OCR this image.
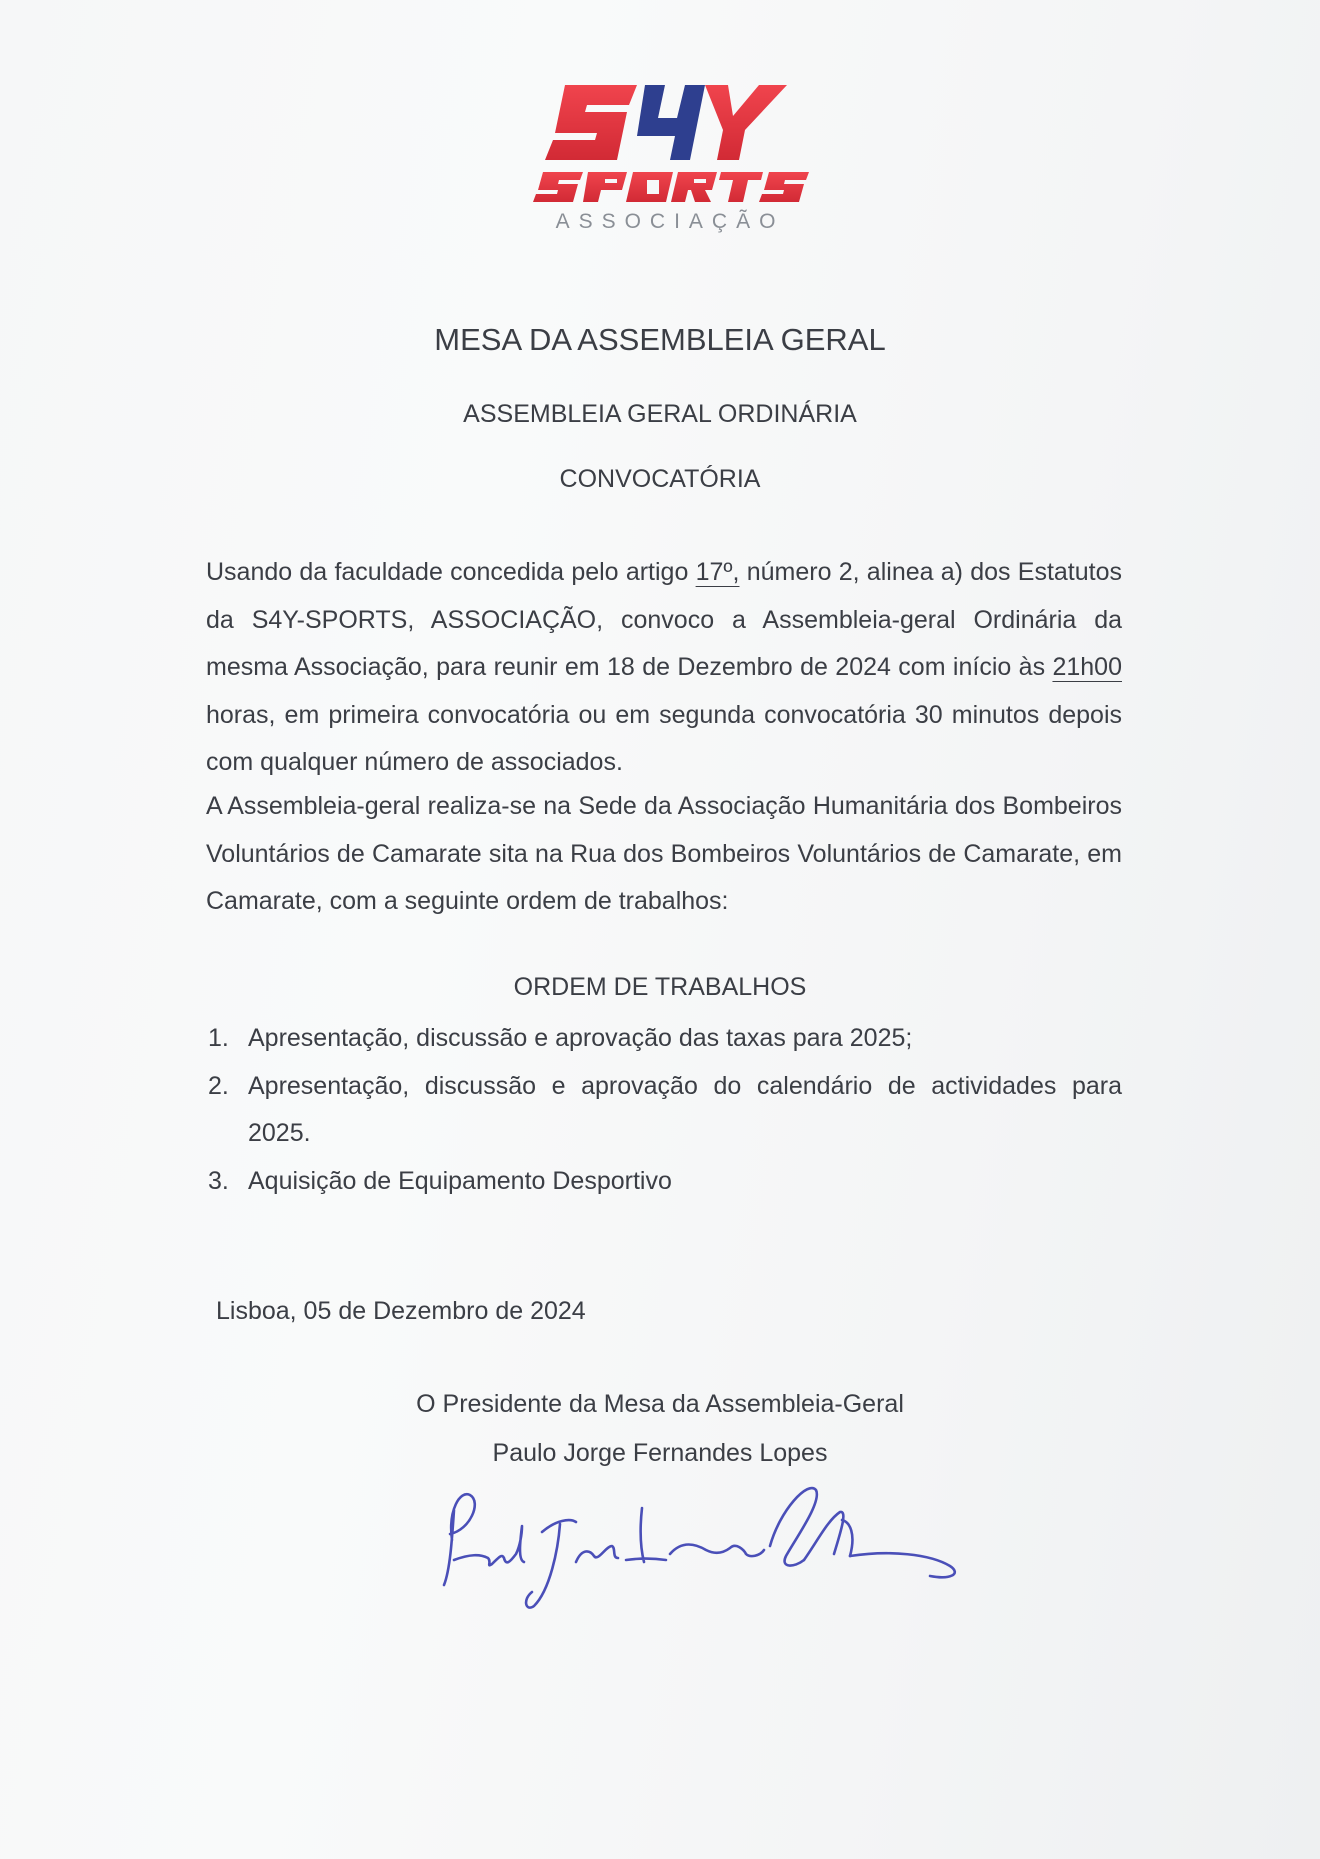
ASSOCIAÇÃO
MESA DA ASSEMBLEIA GERAL
ASSEMBLEIA GERAL ORDINÁRIA
CONVOCATÓRIA
Usando da faculdade concedida pelo artigo 17º, número 2, alinea a) dos Estatutos da S4Y-SPORTS, ASSOCIAÇÃO, convoco a Assembleia-geral Ordinária da mesma Associação, para reunir em 18 de Dezembro de 2024 com início às 21h00 horas, em primeira convocatória ou em segunda convocatória 30 minutos depois com qualquer número de associados.
A Assembleia-geral realiza-se na Sede da Associação Humanitária dos Bombeiros Voluntários de Camarate sita na Rua dos Bombeiros Voluntários de Camarate, em Camarate, com a seguinte ordem de trabalhos:
ORDEM DE TRABALHOS
1. Apresentação, discussão e aprovação das taxas para 2025;
2. Apresentação, discussão e aprovação do calendário de actividades para 2025.
3. Aquisição de Equipamento Desportivo
Lisboa, 05 de Dezembro de 2024
O Presidente da Mesa da Assembleia-Geral
Paulo Jorge Fernandes Lopes
